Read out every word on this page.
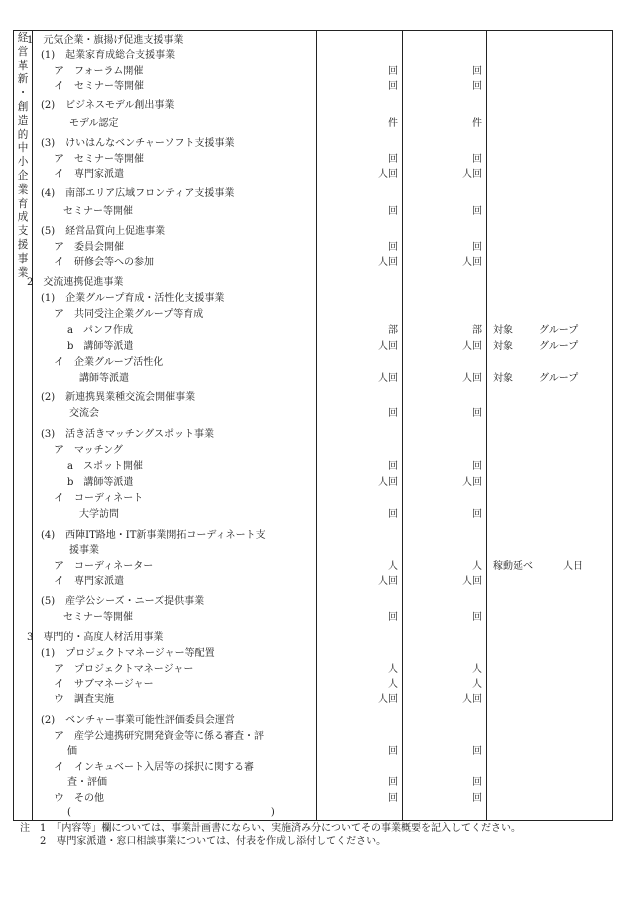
経
営
革
新
・
創
造
的
中
小
企
業
育
成
支
援
事
業
1　元気企業・旗揚げ促進支援事業
(1)　起業家育成総合支援事業
ア　フォーラム開催	回	回
イ　セミナー等開催	回	回
(2)　ビジネスモデル創出事業
モデル認定	件	件
(3)　けいはんなベンチャーソフト支援事業
ア　セミナー等開催	回	回
イ　専門家派遣	人回	人回
(4)　南部エリア広域フロンティア支援事業
セミナー等開催	回	回
(5)　経営品質向上促進事業
ア　委員会開催	回	回
イ　研修会等への参加	人回	人回
2　交流連携促進事業
(1)　企業グループ育成・活性化支援事業
ア　共同受注企業グループ等育成
a　パンフ作成	部	部 対象	グループ
b　講師等派遣	人回	人回 対象	グループ
イ　企業グループ活性化
講師等派遣	人回	人回 対象	グループ
(2)　新連携異業種交流会開催事業
交流会	回	回
(3)　活き活きマッチングスポット事業
ア　マッチング
a　スポット開催	回	回
b　講師等派遣	人回	人回
イ　コーディネート
大学訪問	回	回
(4)　西陣IT路地・IT新事業開拓コーディネート支
援事業
ア　コーディネーター	人	人 稼動延べ	人日
イ　専門家派遣	人回	人回
(5)　産学公シーズ・ニーズ提供事業
セミナー等開催	回	回
3　専門的・高度人材活用事業
(1)　プロジェクトマネージャー等配置
ア　プロジェクトマネージャー	人	人
イ　サブマネージャー	人	人
ウ　調査実施	人回	人回
(2)　ベンチャー事業可能性評価委員会運営
ア　産学公連携研究開発資金等に係る審査・評
価	回	回
イ　インキュベート入居等の採択に関する審
査・評価	回	回
ウ　その他	回	回
(　　　　　　　　　　　　　　　　　　　　)
注　1　「内容等」欄については、事業計画書にならい、実施済み分についてその事業概要を記入してください。
　　2　専門家派遣・窓口相談事業については、付表を作成し添付してください。
